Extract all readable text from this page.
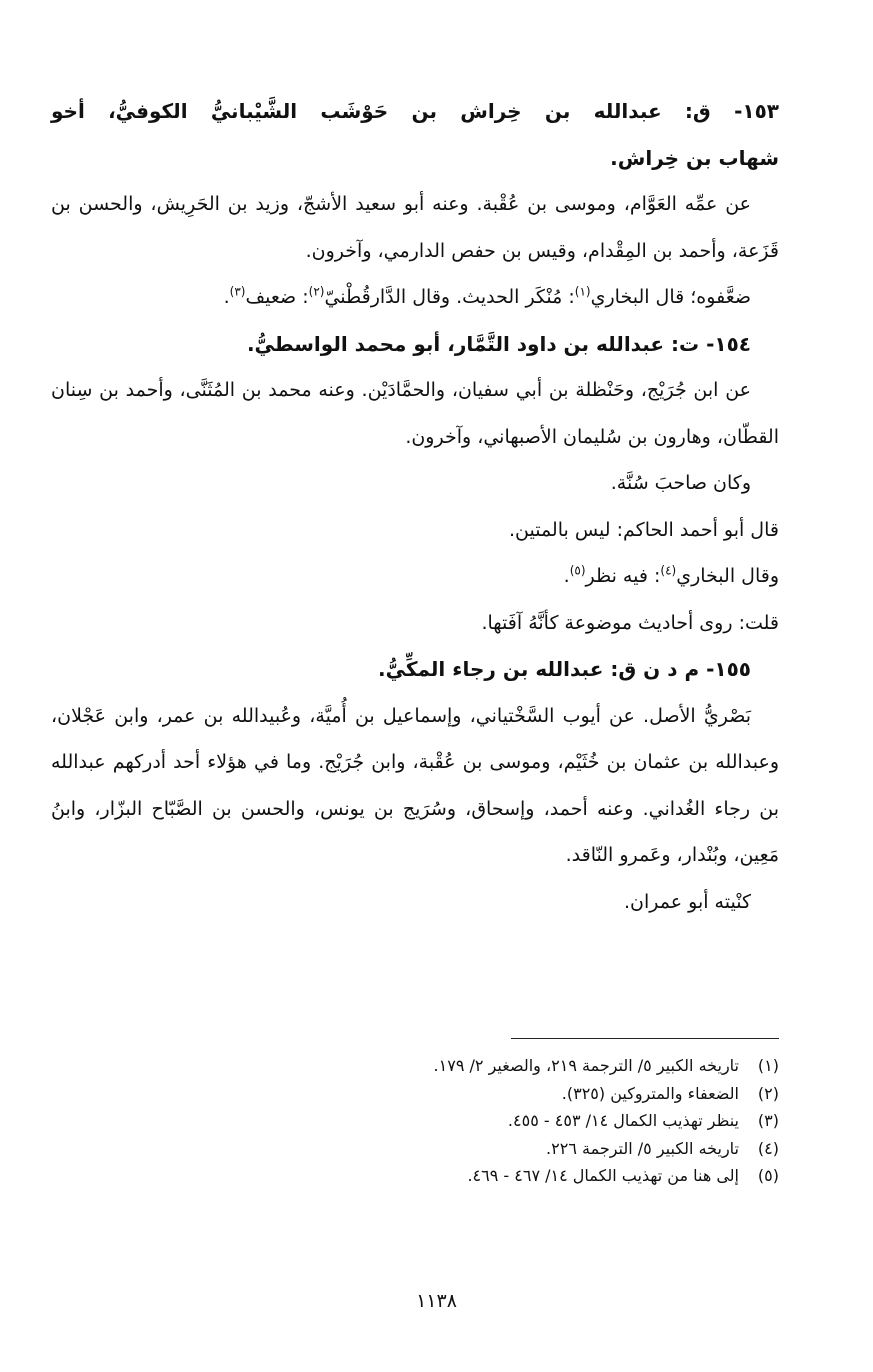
١٥٣- ق: عبدالله بن خِراش بن حَوْشَب الشَّيْبانيُّ الكوفيُّ، أخو

شهاب بن خِراش.

عن عمِّه العَوَّام، وموسى بن عُقْبة. وعنه أبو سعيد الأشجّ، وزيد بن الحَرِيش، والحسن بن قَزَعة، وأحمد بن المِقْدام، وقيس بن حفص الدارمي، وآخرون.

ضعَّفوه؛ قال البخاري$^{(١)}$: مُنْكَر الحديث. وقال الدَّارقُطْنيّ$^{(٢)}$: ضعيف$^{(٣)}$.

١٥٤- ت: عبدالله بن داود التَّمَّار، أبو محمد الواسطيُّ.

عن ابن جُرَيْج، وحَنْظلة بن أبي سفيان، والحمَّادَيْن. وعنه محمد بن المُثَنَّى، وأحمد بن سِنان القطّان، وهارون بن سُليمان الأصبهاني، وآخرون.

وكان صاحبَ سُنَّة.

قال أبو أحمد الحاكم: ليس بالمتين.

وقال البخاري$^{(٤)}$: فيه نظر$^{(٥)}$.

قلت: روى أحاديث موضوعة كأنَّهُ آفَتها.

١٥٥- م د ن ق: عبدالله بن رجاء المكِّيُّ.

بَصْريُّ الأصل. عن أيوب السَّخْتياني، وإسماعيل بن أُميَّة، وعُبيدالله بن عمر، وابن عَجْلان، وعبدالله بن عثمان بن خُثَيْم، وموسى بن عُقْبة، وابن جُرَيْج. وما في هؤلاء أحد أدركهم عبدالله بن رجاء الغُداني. وعنه أحمد، وإسحاق، وسُرَيج بن يونس، والحسن بن الصَّبّاح البزّار، وابنُ مَعِين، وبُنْدار، وعَمرو النّاقد.

كنْيته أبو عمران.

(١)تاريخه الكبير ٥/ الترجمة ٢١٩، والصغير ٢/ ١٧٩.
(٢)الضعفاء والمتروكين (٣٢٥).
(٣)ينظر تهذيب الكمال ١٤/ ٤٥٣ - ٤٥٥.
(٤)تاريخه الكبير ٥/ الترجمة ٢٢٦.
(٥)إلى هنا من تهذيب الكمال ١٤/ ٤٦٧ - ٤٦٩.
١١٣٨
